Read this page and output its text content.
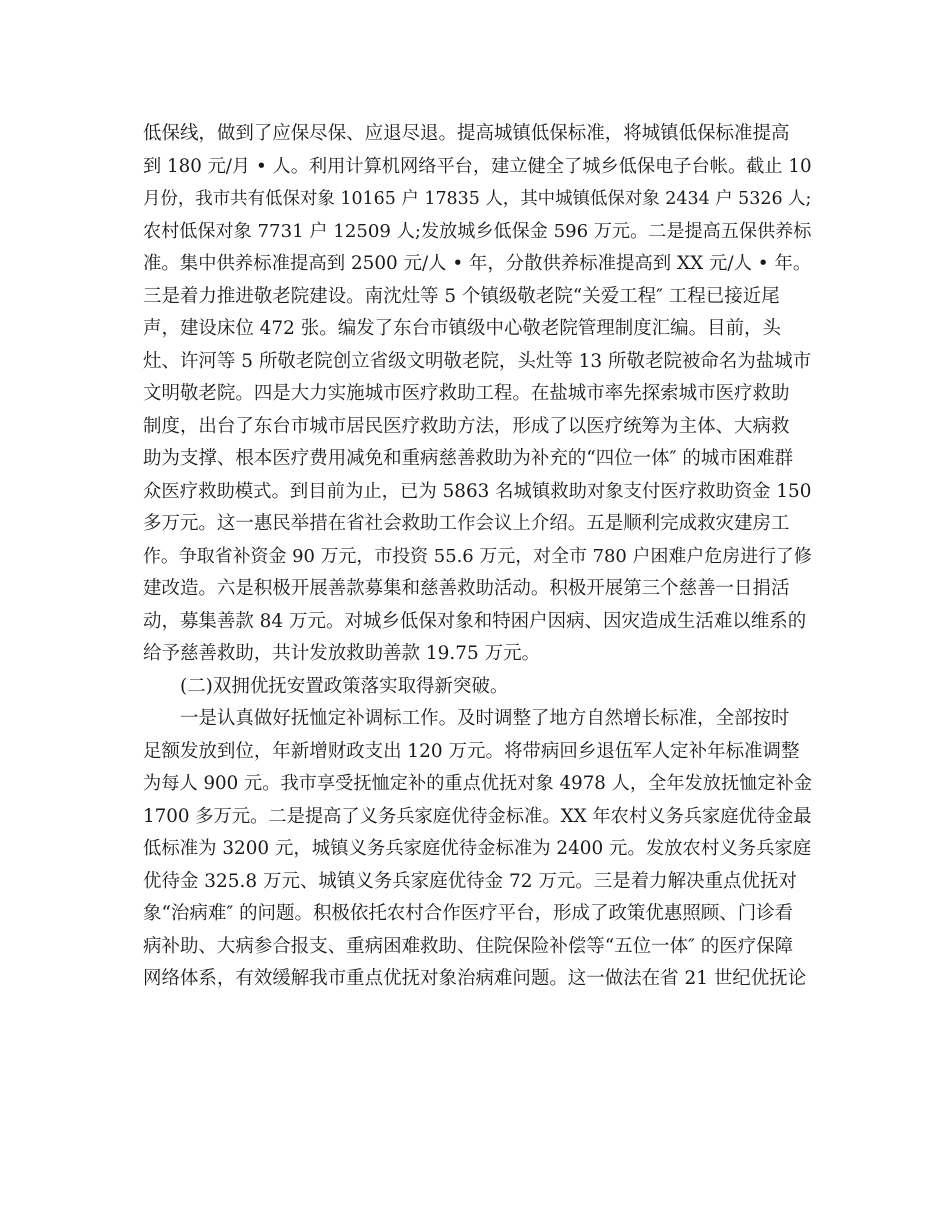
低保线，做到了应保尽保、应退尽退。提高城镇低保标准，将城镇低保标准提高
到 180 元/月 • 人。利用计算机网络平台，建立健全了城乡低保电子台帐。截止 10
月份，我市共有低保对象 10165 户 17835 人，其中城镇低保对象 2434 户 5326 人;
农村低保对象 7731 户 12509 人;发放城乡低保金 596 万元。二是提高五保供养标
准。集中供养标准提高到 2500 元/人 • 年，分散供养标准提高到 XX 元/人 • 年。
三是着力推进敬老院建设。南沈灶等 5 个镇级敬老院“关爱工程″ 工程已接近尾
声，建设床位 472 张。编发了东台市镇级中心敬老院管理制度汇编。目前，头
灶、许河等 5 所敬老院创立省级文明敬老院，头灶等 13 所敬老院被命名为盐城市
文明敬老院。四是大力实施城市医疗救助工程。在盐城市率先探索城市医疗救助
制度，出台了东台市城市居民医疗救助方法，形成了以医疗统筹为主体、大病救
助为支撑、根本医疗费用减免和重病慈善救助为补充的“四位一体″ 的城市困难群
众医疗救助模式。到目前为止，已为 5863 名城镇救助对象支付医疗救助资金 150
多万元。这一惠民举措在省社会救助工作会议上介绍。五是顺利完成救灾建房工
作。争取省补资金 90 万元，市投资 55.6 万元，对全市 780 户困难户危房进行了修
建改造。六是积极开展善款募集和慈善救助活动。积极开展第三个慈善一日捐活
动，募集善款 84 万元。对城乡低保对象和特困户因病、因灾造成生活难以维系的
给予慈善救助，共计发放救助善款 19.75 万元。
(二)双拥优抚安置政策落实取得新突破。
一是认真做好抚恤定补调标工作。及时调整了地方自然增长标准，全部按时
足额发放到位，年新增财政支出 120 万元。将带病回乡退伍军人定补年标准调整
为每人 900 元。我市享受抚恤定补的重点优抚对象 4978 人，全年发放抚恤定补金
1700 多万元。二是提高了义务兵家庭优待金标准。XX 年农村义务兵家庭优待金最
低标准为 3200 元，城镇义务兵家庭优待金标准为 2400 元。发放农村义务兵家庭
优待金 325.8 万元、城镇义务兵家庭优待金 72 万元。三是着力解决重点优抚对
象“治病难″ 的问题。积极依托农村合作医疗平台，形成了政策优惠照顾、门诊看
病补助、大病参合报支、重病困难救助、住院保险补偿等“五位一体″ 的医疗保障
网络体系，有效缓解我市重点优抚对象治病难问题。这一做法在省 21 世纪优抚论
